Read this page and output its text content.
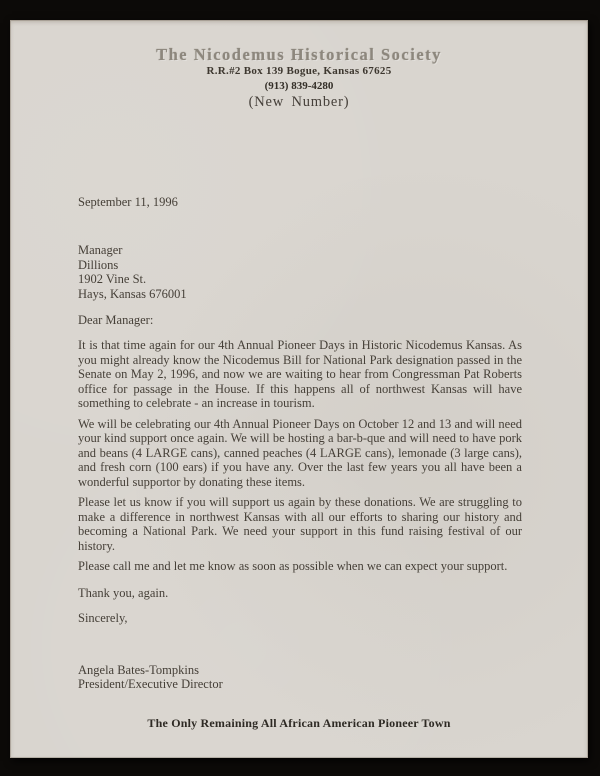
The Nicodemus Historical Society
R.R.#2 Box 139 Bogue, Kansas 67625
(913) 839-4280
(New Number)
September 11, 1996
Manager
Dillions
1902 Vine St.
Hays, Kansas 676001
Dear Manager:

It is that time again for our 4th Annual Pioneer Days in Historic Nicodemus Kansas. As you might already know the Nicodemus Bill for National Park designation passed in the Senate on May 2, 1996, and now we are waiting to hear from Congressman Pat Roberts office for passage in the House. If this happens all of northwest Kansas will have something to celebrate - an increase in tourism.

We will be celebrating our 4th Annual Pioneer Days on October 12 and 13 and will need your kind support once again. We will be hosting a bar-b-que and will need to have pork and beans (4 LARGE cans), canned peaches (4 LARGE cans), lemonade (3 large cans), and fresh corn (100 ears) if you have any. Over the last few years you all have been a wonderful supportor by donating these items.

Please let us know if you will support us again by these donations. We are struggling to make a difference in northwest Kansas with all our efforts to sharing our history and becoming a National Park. We need your support in this fund raising festival of our history.

Please call me and let me know as soon as possible when we can expect your support.

Thank you, again.
Sincerely,
Angela Bates-Tompkins
President/Executive Director
The Only Remaining All African American Pioneer Town
